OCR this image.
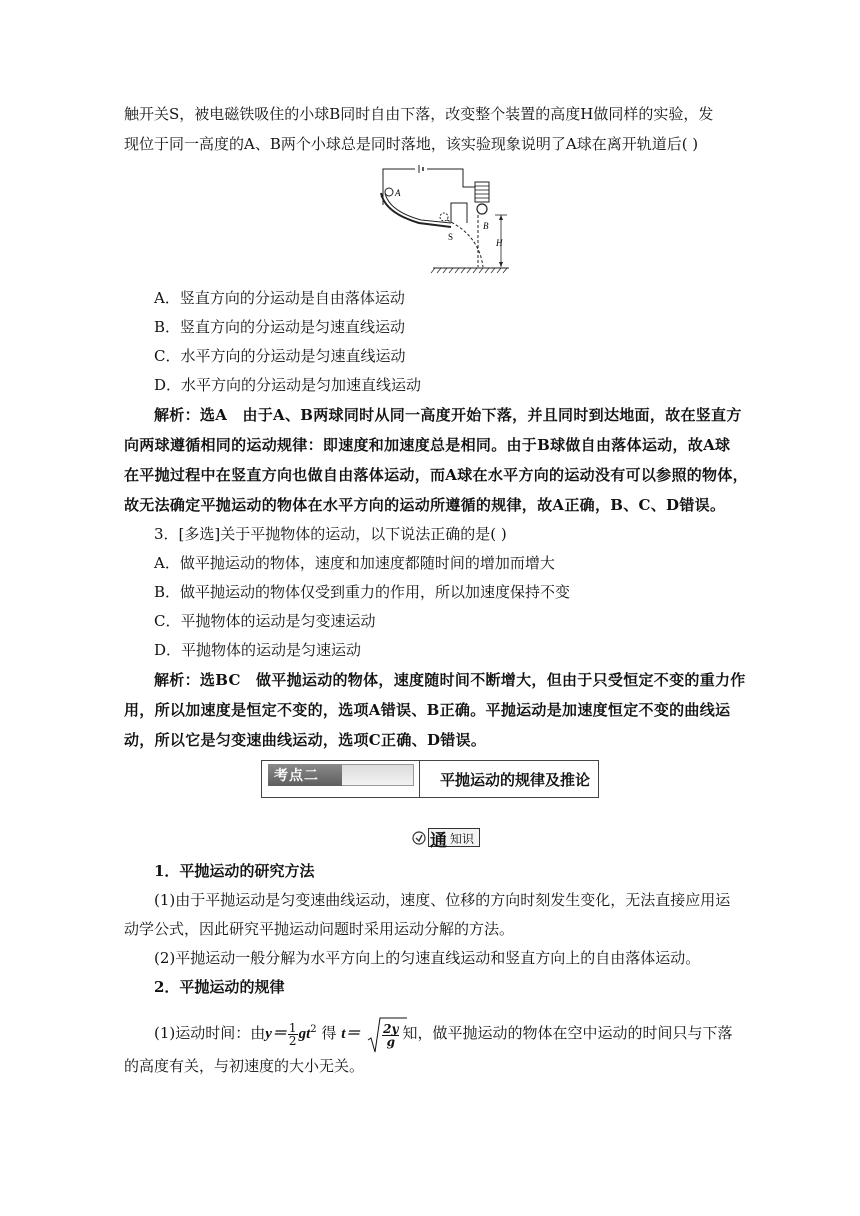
触开关S，被电磁铁吸住的小球B同时自由下落，改变整个装置的高度H做同样的实验，发
现位于同一高度的A、B两个小球总是同时落地，该实验现象说明了A球在离开轨道后( )
A
S
B
H
A．竖直方向的分运动是自由落体运动
B．竖直方向的分运动是匀速直线运动
C．水平方向的分运动是匀速直线运动
D．水平方向的分运动是匀加速直线运动
解析：选A　由于A、B两球同时从同一高度开始下落，并且同时到达地面，故在竖直方
向两球遵循相同的运动规律：即速度和加速度总是相同。由于B球做自由落体运动，故A球
在平抛过程中在竖直方向也做自由落体运动，而A球在水平方向的运动没有可以参照的物体，
故无法确定平抛运动的物体在水平方向的运动所遵循的规律，故A正确，B、C、D错误。
3．[多选]关于平抛物体的运动，以下说法正确的是( )
A．做平抛运动的物体，速度和加速度都随时间的增加而增大
B．做平抛运动的物体仅受到重力的作用，所以加速度保持不变
C．平抛物体的运动是匀变速运动
D．平抛物体的运动是匀速运动
解析：选BC　做平抛运动的物体，速度随时间不断增大，但由于只受恒定不变的重力作
用，所以加速度是恒定不变的，选项A错误、B正确。平抛运动是加速度恒定不变的曲线运
动，所以它是匀变速曲线运动，选项C正确、D错误。
考点二	平抛运动的规律及推论
通 知识
1．平抛运动的研究方法
(1)由于平抛运动是匀变速曲线运动，速度、位移的方向时刻发生变化，无法直接应用运
动学公式，因此研究平抛运动问题时采用运动分解的方法。
(2)平抛运动一般分解为水平方向上的匀速直线运动和竖直方向上的自由落体运动。
2．平抛运动的规律
(1)运动时间：由$y= \frac{1}{2} gt^2$ 得 $t= \frac{2y}{g}$ 知，做平抛运动的物体在空中运动的时间只与下落
的高度有关，与初速度的大小无关。
